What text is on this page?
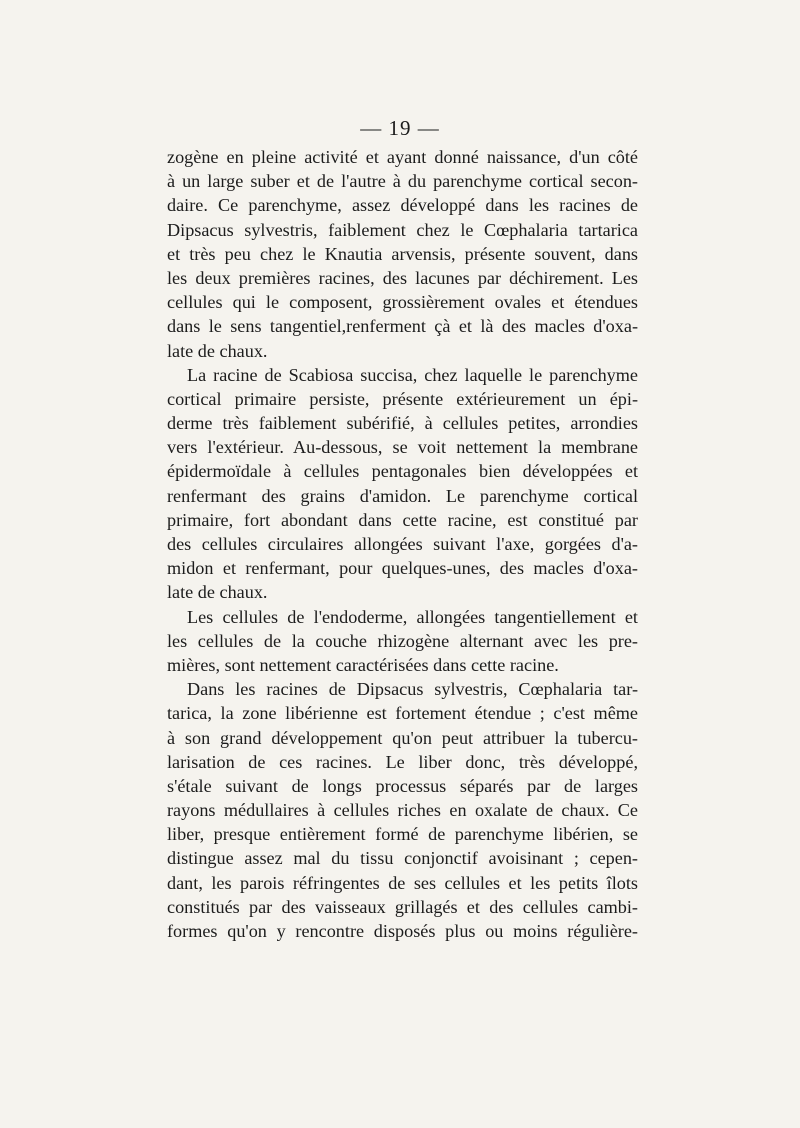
— 19 —
zogène en pleine activité et ayant donné naissance, d'un côté
à un large suber et de l'autre à du parenchyme cortical secon-
daire. Ce parenchyme, assez développé dans les racines de
Dipsacus sylvestris, faiblement chez le Cœphalaria tartarica
et très peu chez le Knautia arvensis, présente souvent, dans
les deux premières racines, des lacunes par déchirement. Les
cellules qui le composent, grossièrement ovales et étendues
dans le sens tangentiel,renferment çà et là des macles d'oxa-
late de chaux.
La racine de Scabiosa succisa, chez laquelle le parenchyme
cortical primaire persiste, présente extérieurement un épi-
derme très faiblement subérifié, à cellules petites, arrondies
vers l'extérieur. Au-dessous, se voit nettement la membrane
épidermoïdale à cellules pentagonales bien développées et
renfermant des grains d'amidon. Le parenchyme cortical
primaire, fort abondant dans cette racine, est constitué par
des cellules circulaires allongées suivant l'axe, gorgées d'a-
midon et renfermant, pour quelques-unes, des macles d'oxa-
late de chaux.
Les cellules de l'endoderme, allongées tangentiellement et
les cellules de la couche rhizogène alternant avec les pre-
mières, sont nettement caractérisées dans cette racine.
Dans les racines de Dipsacus sylvestris, Cœphalaria tar-
tarica, la zone libérienne est fortement étendue ; c'est même
à son grand développement qu'on peut attribuer la tubercu-
larisation de ces racines. Le liber donc, très développé,
s'étale suivant de longs processus séparés par de larges
rayons médullaires à cellules riches en oxalate de chaux. Ce
liber, presque entièrement formé de parenchyme libérien, se
distingue assez mal du tissu conjonctif avoisinant ; cepen-
dant, les parois réfringentes de ses cellules et les petits îlots
constitués par des vaisseaux grillagés et des cellules cambi-
formes qu'on y rencontre disposés plus ou moins régulière-
